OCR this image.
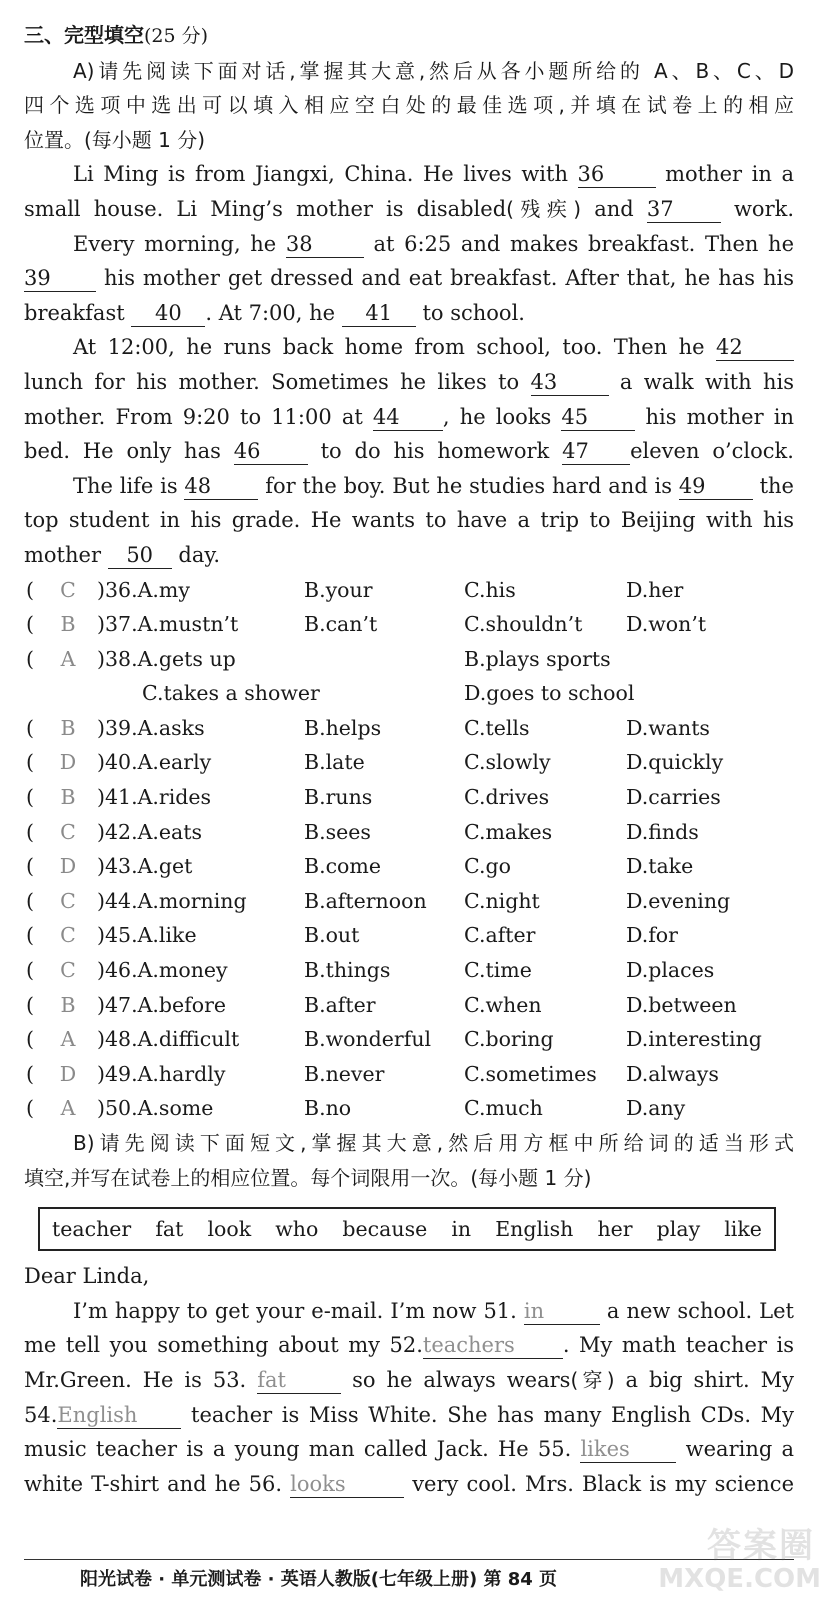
三、完型填空(25 分)
A)请先阅读下面对话,掌握其大意,然后从各小题所给的 A、B、C、D
四个选项中选出可以填入相应空白处的最佳选项,并填在试卷上的相应
位置。(每小题 1 分)
Li Ming is from Jiangxi, China. He lives with 36	mother in a
small house. Li Ming’s mother is disabled(残疾) and 37	work.
Every morning, he 38	at 6:25 and makes breakfast. Then he
39	his mother get dressed and eat breakfast. After that, he has his
breakfast 40 . At 7:00, he 41 to school.
At 12:00, he runs back home from school, too. Then he 42
lunch for his mother. Sometimes he likes to 43	a walk with his
mother. From 9:20 to 11:00 at 44 , he looks 45	his mother in
bed. He only has 46	to do his homework 47 eleven o’clock.
The life is 48	for the boy. But he studies hard and is 49	the
top student in his grade. He wants to have a trip to Beijing with his
mother 50 day.
( C )36.A.my	B.your	C.his	D.her
( B )37.A.mustn’t	B.can’t	C.shouldn’t D.won’t
( A )38.A.gets up	B.plays sports
C.takes a shower	D.goes to school
( B )39.A.asks	B.helps	C.tells	D.wants
( D )40.A.early	B.late	C.slowly	D.quickly
( B )41.A.rides	B.runs	C.drives	D.carries
( C )42.A.eats	B.sees	C.makes	D.finds
( D )43.A.get	B.come	C.go	D.take
( C )44.A.morning	B.afternoon C.night	D.evening
( C )45.A.like	B.out	C.after	D.for
( C )46.A.money	B.things	C.time	D.places
( B )47.A.before	B.after	C.when	D.between
( A )48.A.difficult	B.wonderful C.boring	D.interesting
( D )49.A.hardly	B.never	C.sometimes D.always
( A )50.A.some	B.no	C.much	D.any
B)请先阅读下面短文,掌握其大意,然后用方框中所给词的适当形式
填空,并写在试卷上的相应位置。每个词限用一次。(每小题 1 分)
teacher fat look who because in English her play like
Dear Linda,
I’m happy to get your e-mail. I’m now 51. in	a new school. Let
me tell you something about my 52.teachers . My math teacher is
Mr.Green. He is 53. fat	so he always wears(穿) a big shirt. My
54.English	teacher is Miss White. She has many English CDs. My
music teacher is a young man called Jack. He 55. likes	wearing a
white T-shirt and he 56. looks	very cool. Mrs. Black is my science
阳光试卷 · 单元测试卷 · 英语人教版(七年级上册) 第 84 页
答案圈
MXQE.COM
